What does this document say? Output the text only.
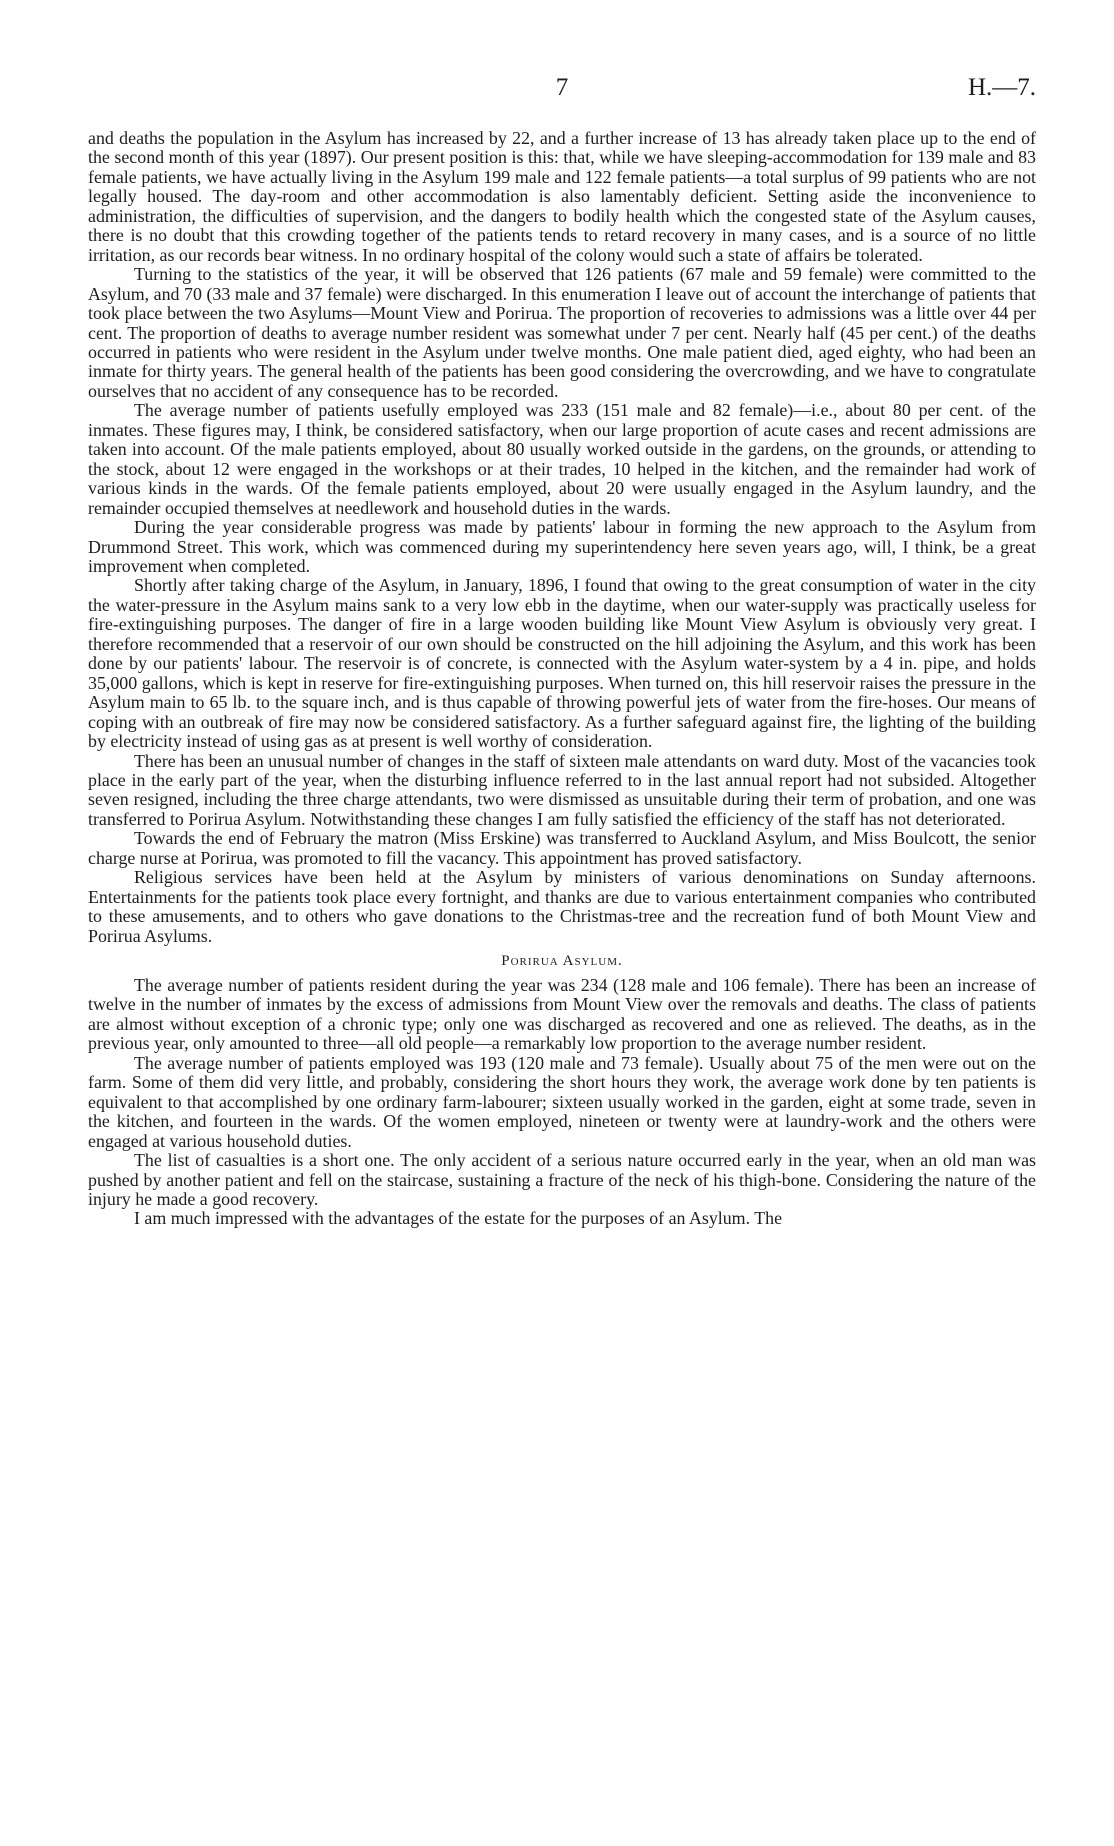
7	H.—7.

and deaths the population in the Asylum has increased by 22, and a further increase of 13 has already taken place up to the end of the second month of this year (1897). Our present position is this: that, while we have sleeping-accommodation for 139 male and 83 female patients, we have actually living in the Asylum 199 male and 122 female patients—a total surplus of 99 patients who are not legally housed. The day-room and other accommodation is also lamentably deficient. Setting aside the inconvenience to administration, the difficulties of supervision, and the dangers to bodily health which the congested state of the Asylum causes, there is no doubt that this crowding together of the patients tends to retard recovery in many cases, and is a source of no little irritation, as our records bear witness. In no ordinary hospital of the colony would such a state of affairs be tolerated.

Turning to the statistics of the year, it will be observed that 126 patients (67 male and 59 female) were committed to the Asylum, and 70 (33 male and 37 female) were discharged. In this enumeration I leave out of account the interchange of patients that took place between the two Asylums—Mount View and Porirua. The proportion of recoveries to admissions was a little over 44 per cent. The proportion of deaths to average number resident was somewhat under 7 per cent. Nearly half (45 per cent.) of the deaths occurred in patients who were resident in the Asylum under twelve months. One male patient died, aged eighty, who had been an inmate for thirty years. The general health of the patients has been good considering the overcrowding, and we have to congratulate ourselves that no accident of any consequence has to be recorded.

The average number of patients usefully employed was 233 (151 male and 82 female)—i.e., about 80 per cent. of the inmates. These figures may, I think, be considered satisfactory, when our large proportion of acute cases and recent admissions are taken into account. Of the male patients employed, about 80 usually worked outside in the gardens, on the grounds, or attending to the stock, about 12 were engaged in the workshops or at their trades, 10 helped in the kitchen, and the remainder had work of various kinds in the wards. Of the female patients employed, about 20 were usually engaged in the Asylum laundry, and the remainder occupied themselves at needlework and household duties in the wards.

During the year considerable progress was made by patients' labour in forming the new approach to the Asylum from Drummond Street. This work, which was commenced during my superintendency here seven years ago, will, I think, be a great improvement when completed.

Shortly after taking charge of the Asylum, in January, 1896, I found that owing to the great consumption of water in the city the water-pressure in the Asylum mains sank to a very low ebb in the daytime, when our water-supply was practically useless for fire-extinguishing purposes. The danger of fire in a large wooden building like Mount View Asylum is obviously very great. I therefore recommended that a reservoir of our own should be constructed on the hill adjoining the Asylum, and this work has been done by our patients' labour. The reservoir is of concrete, is connected with the Asylum water-system by a 4 in. pipe, and holds 35,000 gallons, which is kept in reserve for fire-extinguishing purposes. When turned on, this hill reservoir raises the pressure in the Asylum main to 65 lb. to the square inch, and is thus capable of throwing powerful jets of water from the fire-hoses. Our means of coping with an outbreak of fire may now be considered satisfactory. As a further safeguard against fire, the lighting of the building by electricity instead of using gas as at present is well worthy of consideration.

There has been an unusual number of changes in the staff of sixteen male attendants on ward duty. Most of the vacancies took place in the early part of the year, when the disturbing influence referred to in the last annual report had not subsided. Altogether seven resigned, including the three charge attendants, two were dismissed as unsuitable during their term of probation, and one was transferred to Porirua Asylum. Notwithstanding these changes I am fully satisfied the efficiency of the staff has not deteriorated.

Towards the end of February the matron (Miss Erskine) was transferred to Auckland Asylum, and Miss Boulcott, the senior charge nurse at Porirua, was promoted to fill the vacancy. This appointment has proved satisfactory.

Religious services have been held at the Asylum by ministers of various denominations on Sunday afternoons. Entertainments for the patients took place every fortnight, and thanks are due to various entertainment companies who contributed to these amusements, and to others who gave donations to the Christmas-tree and the recreation fund of both Mount View and Porirua Asylums.

Porirua Asylum.

The average number of patients resident during the year was 234 (128 male and 106 female). There has been an increase of twelve in the number of inmates by the excess of admissions from Mount View over the removals and deaths. The class of patients are almost without exception of a chronic type; only one was discharged as recovered and one as relieved. The deaths, as in the previous year, only amounted to three—all old people—a remarkably low proportion to the average number resident.

The average number of patients employed was 193 (120 male and 73 female). Usually about 75 of the men were out on the farm. Some of them did very little, and probably, considering the short hours they work, the average work done by ten patients is equivalent to that accomplished by one ordinary farm-labourer; sixteen usually worked in the garden, eight at some trade, seven in the kitchen, and fourteen in the wards. Of the women employed, nineteen or twenty were at laundry-work and the others were engaged at various household duties.

The list of casualties is a short one. The only accident of a serious nature occurred early in the year, when an old man was pushed by another patient and fell on the staircase, sustaining a fracture of the neck of his thigh-bone. Considering the nature of the injury he made a good recovery.

I am much impressed with the advantages of the estate for the purposes of an Asylum. The
